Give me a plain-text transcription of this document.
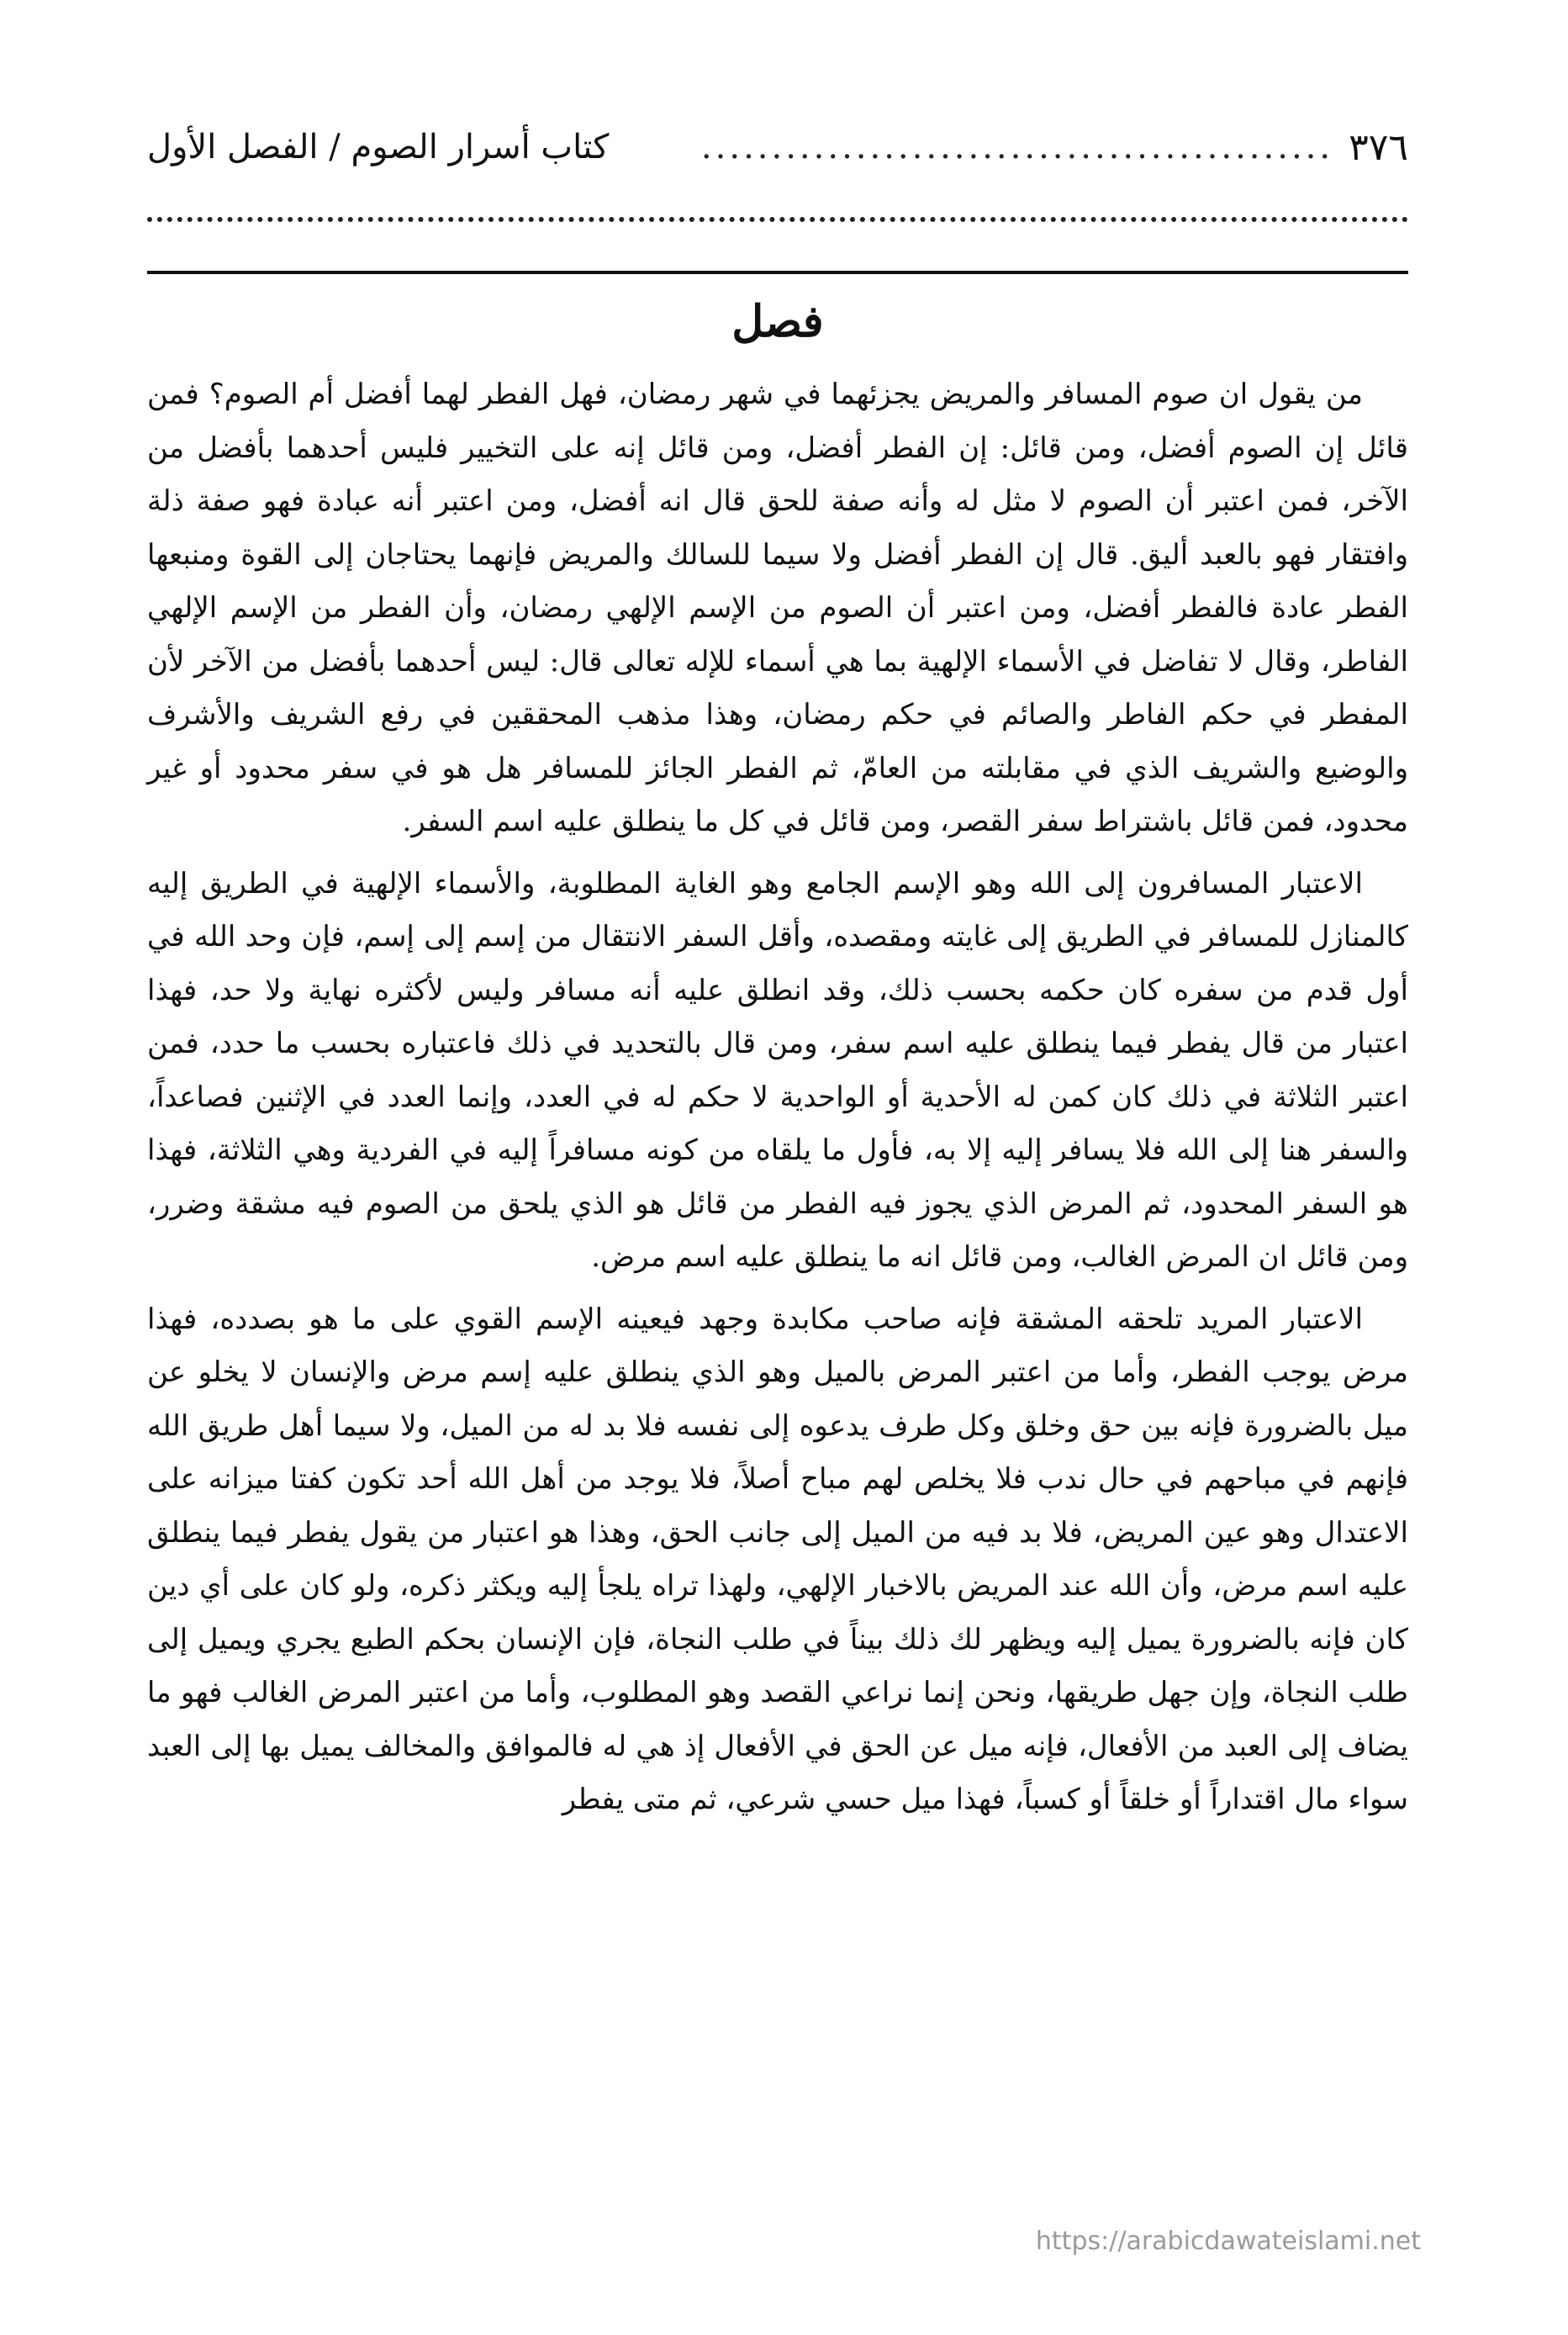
٣٧٦
.............................................
كتاب أسرار الصوم / الفصل الأول
فصل

من يقول ان صوم المسافر والمريض يجزئهما في شهر رمضان، فهل الفطر لهما أفضل أم الصوم؟ فمن قائل إن الصوم أفضل، ومن قائل: إن الفطر أفضل، ومن قائل إنه على التخيير فليس أحدهما بأفضل من الآخر، فمن اعتبر أن الصوم لا مثل له وأنه صفة للحق قال انه أفضل، ومن اعتبر أنه عبادة فهو صفة ذلة وافتقار فهو بالعبد أليق. قال إن الفطر أفضل ولا سيما للسالك والمريض فإنهما يحتاجان إلى القوة ومنبعها الفطر عادة فالفطر أفضل، ومن اعتبر أن الصوم من الإسم الإلهي رمضان، وأن الفطر من الإسم الإلهي الفاطر، وقال لا تفاضل في الأسماء الإلهية بما هي أسماء للإله تعالى قال: ليس أحدهما بأفضل من الآخر لأن المفطر في حكم الفاطر والصائم في حكم رمضان، وهذا مذهب المحققين في رفع الشريف والأشرف والوضيع والشريف الذي في مقابلته من العامّ، ثم الفطر الجائز للمسافر هل هو في سفر محدود أو غير محدود، فمن قائل باشتراط سفر القصر، ومن قائل في كل ما ينطلق عليه اسم السفر.

الاعتبار المسافرون إلى الله وهو الإسم الجامع وهو الغاية المطلوبة، والأسماء الإلهية في الطريق إليه كالمنازل للمسافر في الطريق إلى غايته ومقصده، وأقل السفر الانتقال من إسم إلى إسم، فإن وحد الله في أول قدم من سفره كان حكمه بحسب ذلك، وقد انطلق عليه أنه مسافر وليس لأكثره نهاية ولا حد، فهذا اعتبار من قال يفطر فيما ينطلق عليه اسم سفر، ومن قال بالتحديد في ذلك فاعتباره بحسب ما حدد، فمن اعتبر الثلاثة في ذلك كان كمن له الأحدية أو الواحدية لا حكم له في العدد، وإنما العدد في الإثنين فصاعداً، والسفر هنا إلى الله فلا يسافر إليه إلا به، فأول ما يلقاه من كونه مسافراً إليه في الفردية وهي الثلاثة، فهذا هو السفر المحدود، ثم المرض الذي يجوز فيه الفطر من قائل هو الذي يلحق من الصوم فيه مشقة وضرر، ومن قائل ان المرض الغالب، ومن قائل انه ما ينطلق عليه اسم مرض.

الاعتبار المريد تلحقه المشقة فإنه صاحب مكابدة وجهد فيعينه الإسم القوي على ما هو بصدده، فهذا مرض يوجب الفطر، وأما من اعتبر المرض بالميل وهو الذي ينطلق عليه إسم مرض والإنسان لا يخلو عن ميل بالضرورة فإنه بين حق وخلق وكل طرف يدعوه إلى نفسه فلا بد له من الميل، ولا سيما أهل طريق الله فإنهم في مباحهم في حال ندب فلا يخلص لهم مباح أصلاً، فلا يوجد من أهل الله أحد تكون كفتا ميزانه على الاعتدال وهو عين المريض، فلا بد فيه من الميل إلى جانب الحق، وهذا هو اعتبار من يقول يفطر فيما ينطلق عليه اسم مرض، وأن الله عند المريض بالاخبار الإلهي، ولهذا تراه يلجأ إليه ويكثر ذكره، ولو كان على أي دين كان فإنه بالضرورة يميل إليه ويظهر لك ذلك بيناً في طلب النجاة، فإن الإنسان بحكم الطبع يجري ويميل إلى طلب النجاة، وإن جهل طريقها، ونحن إنما نراعي القصد وهو المطلوب، وأما من اعتبر المرض الغالب فهو ما يضاف إلى العبد من الأفعال، فإنه ميل عن الحق في الأفعال إذ هي له فالموافق والمخالف يميل بها إلى العبد سواء مال اقتداراً أو خلقاً أو كسباً، فهذا ميل حسي شرعي، ثم متى يفطر

https://arabicdawateislami.net
